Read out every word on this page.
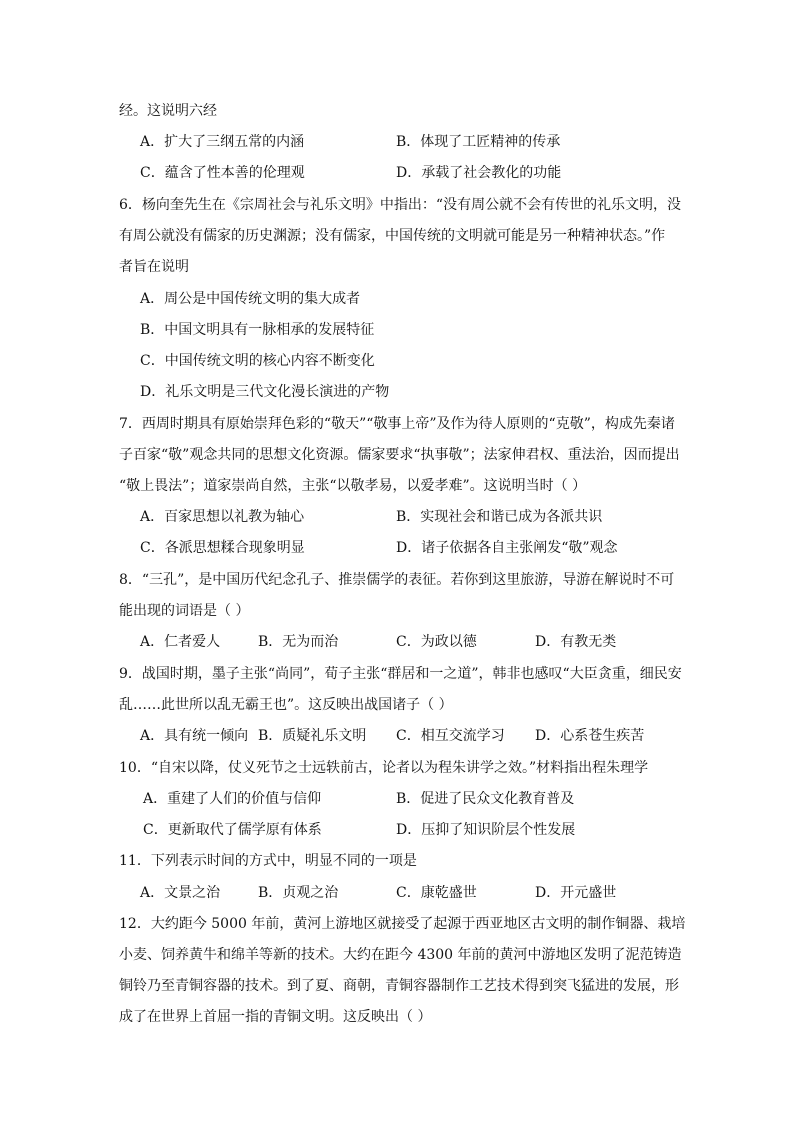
经。这说明六经
A．扩大了三纲五常的内涵	B．体现了工匠精神的传承
C．蕴含了性本善的伦理观	D．承载了社会教化的功能
6．杨向奎先生在《宗周社会与礼乐文明》中指出：“没有周公就不会有传世的礼乐文明，没
有周公就没有儒家的历史渊源；没有儒家，中国传统的文明就可能是另一种精神状态。”作
者旨在说明
A．周公是中国传统文明的集大成者
B．中国文明具有一脉相承的发展特征
C．中国传统文明的核心内容不断变化
D．礼乐文明是三代文化漫长演进的产物
7．西周时期具有原始崇拜色彩的“敬天”“敬事上帝”及作为待人原则的“克敬”，构成先秦诸
子百家“敬”观念共同的思想文化资源。儒家要求“执事敬”；法家伸君权、重法治，因而提出
“敬上畏法”；道家崇尚自然，主张“以敬孝易，以爱孝难”。这说明当时（ ）
A．百家思想以礼教为轴心	B．实现社会和谐已成为各派共识
C．各派思想糅合现象明显	D．诸子依据各自主张阐发“敬”观念
8．“三孔”，是中国历代纪念孔子、推崇儒学的表征。若你到这里旅游，导游在解说时不可
能出现的词语是（ ）
A．仁者爱人	B．无为而治	C．为政以德	D．有教无类
9．战国时期，墨子主张“尚同”，荀子主张“群居和一之道”，韩非也感叹“大臣贪重，细民安
乱……此世所以乱无霸王也”。这反映出战国诸子（ ）
A．具有统一倾向 B．质疑礼乐文明 C．相互交流学习 D．心系苍生疾苦
10．“自宋以降，仗义死节之士远轶前古，论者以为程朱讲学之效。”材料指出程朱理学
A．重建了人们的价值与信仰	B．促进了民众文化教育普及
C．更新取代了儒学原有体系	D．压抑了知识阶层个性发展
11．下列表示时间的方式中，明显不同的一项是
A．文景之治	B．贞观之治	C．康乾盛世	D．开元盛世
12．大约距今 5000 年前，黄河上游地区就接受了起源于西亚地区古文明的制作铜器、栽培
小麦、饲养黄牛和绵羊等新的技术。大约在距今 4300 年前的黄河中游地区发明了泥范铸造
铜铃乃至青铜容器的技术。到了夏、商朝，青铜容器制作工艺技术得到突飞猛进的发展，形
成了在世界上首屈一指的青铜文明。这反映出（ ）
